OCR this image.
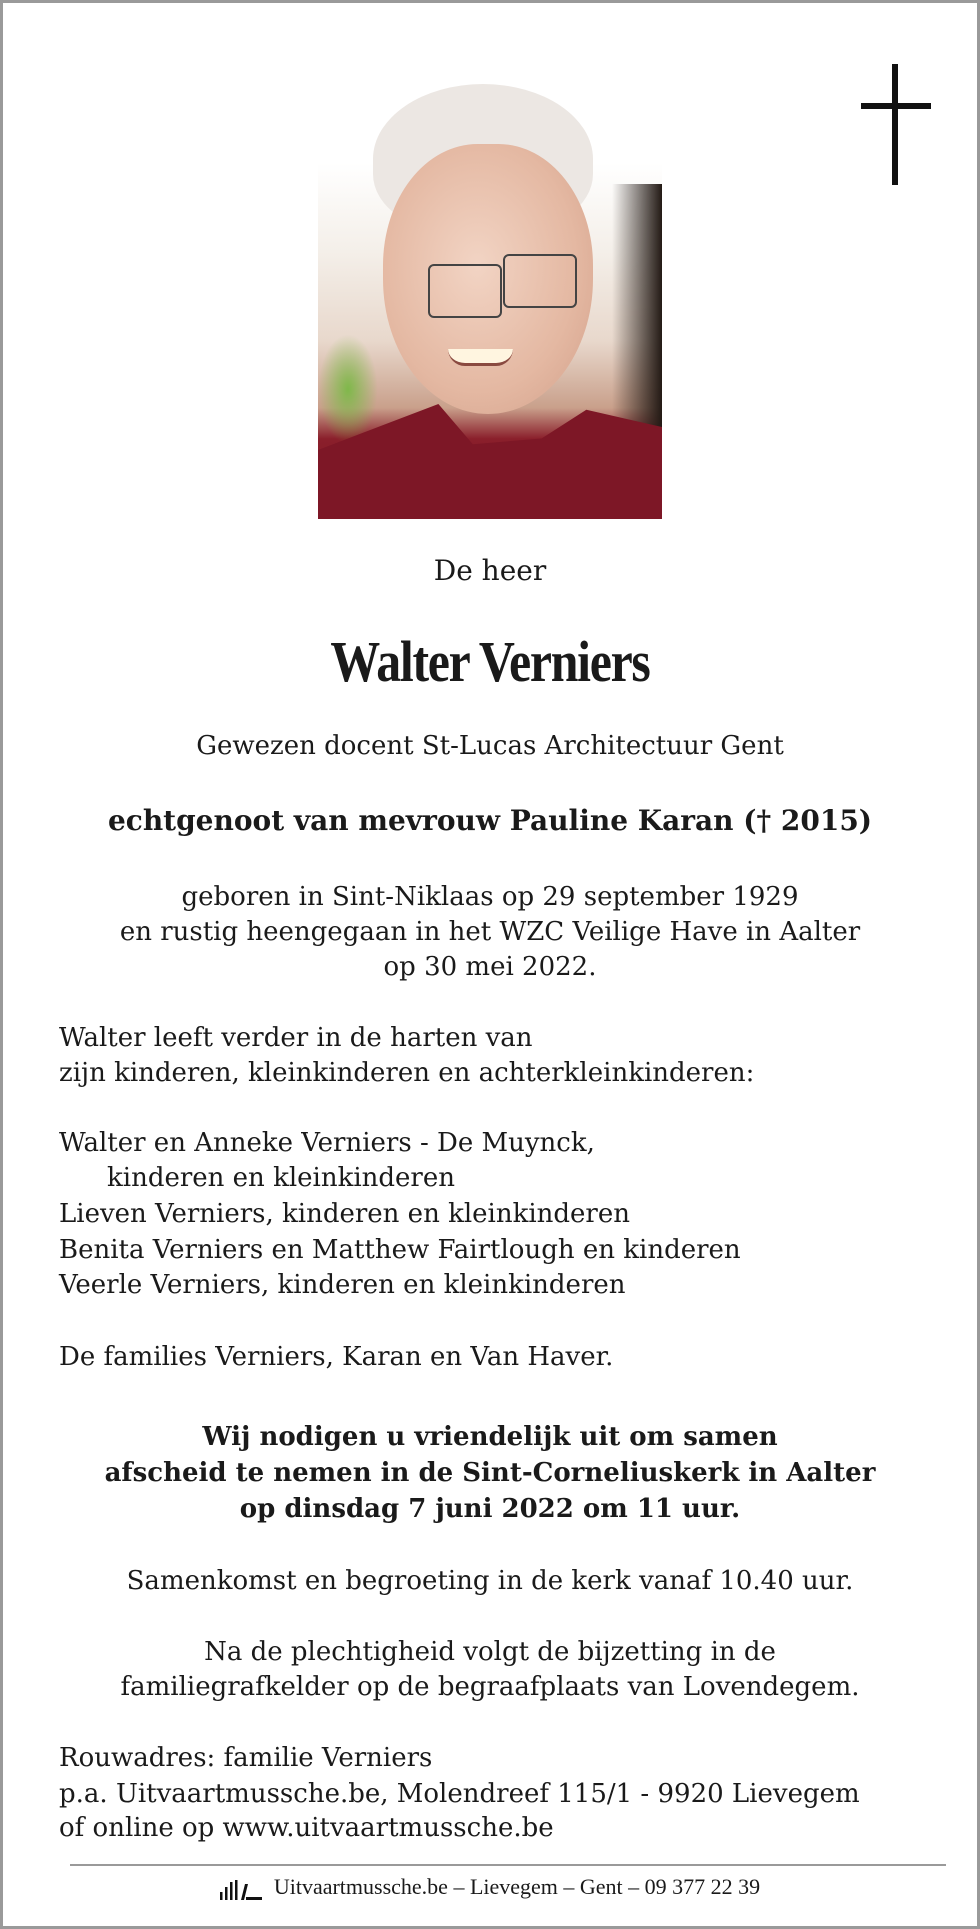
De heer
Walter Verniers
Gewezen docent St-Lucas Architectuur Gent
echtgenoot van mevrouw Pauline Karan († 2015)
geboren in Sint-Niklaas op 29 september 1929
en rustig heengegaan in het WZC Veilige Have in Aalter
op 30 mei 2022.
Walter leeft verder in de harten van
zijn kinderen, kleinkinderen en achterkleinkinderen:
Walter en Anneke Verniers - De Muynck,
kinderen en kleinkinderen
Lieven Verniers, kinderen en kleinkinderen
Benita Verniers en Matthew Fairtlough en kinderen
Veerle Verniers, kinderen en kleinkinderen
De families Verniers, Karan en Van Haver.
Wij nodigen u vriendelijk uit om samen
afscheid te nemen in de Sint-Corneliuskerk in Aalter
op dinsdag 7 juni 2022 om 11 uur.
Samenkomst en begroeting in de kerk vanaf 10.40 uur.
Na de plechtigheid volgt de bijzetting in de
familiegrafkelder op de begraafplaats van Lovendegem.
Rouwadres: familie Verniers
p.a. Uitvaartmussche.be, Molendreef 115/1 - 9920 Lievegem
of online op www.uitvaartmussche.be
Uitvaartmussche.be – Lievegem – Gent – 09 377 22 39
